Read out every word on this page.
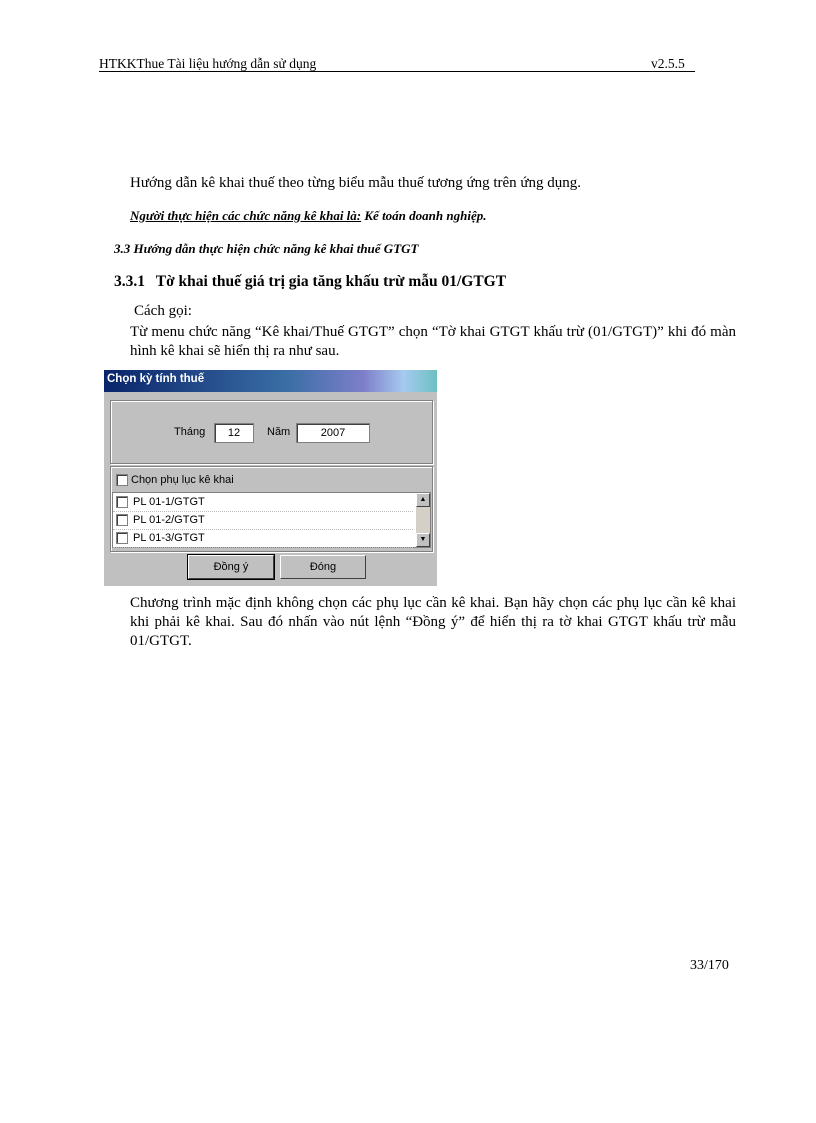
HTKKThue Tài liệu hướng dẫn sử dụng	v2.5.5
Hướng dẫn kê khai thuế theo từng biểu mẫu thuế tương ứng trên ứng dụng.
Người thực hiện các chức năng kê khai là: Kế toán doanh nghiệp.
3.3 Hướng dẫn thực hiện chức năng kê khai thuế GTGT
3.3.1 Tờ khai thuế giá trị gia tăng khấu trừ mẫu 01/GTGT
Cách gọi:
Từ menu chức năng “Kê khai/Thuế GTGT” chọn “Tờ khai GTGT khấu trừ (01/GTGT)” khi đó màn hình kê khai sẽ hiển thị ra như sau.
Chọn kỳ tính thuế
Tháng	12	Năm	2007
Chọn phụ lục kê khai
PL 01-1/GTGT
PL 01-2/GTGT
PL 01-3/GTGT
▲
▼
Đồng ý	Đóng
Chương trình mặc định không chọn các phụ lục cần kê khai. Bạn hãy chọn các phụ lục cần kê khai khi phải kê khai. Sau đó nhấn vào nút lệnh “Đồng ý” để hiển thị ra tờ khai GTGT khấu trừ mẫu 01/GTGT.
33/170
